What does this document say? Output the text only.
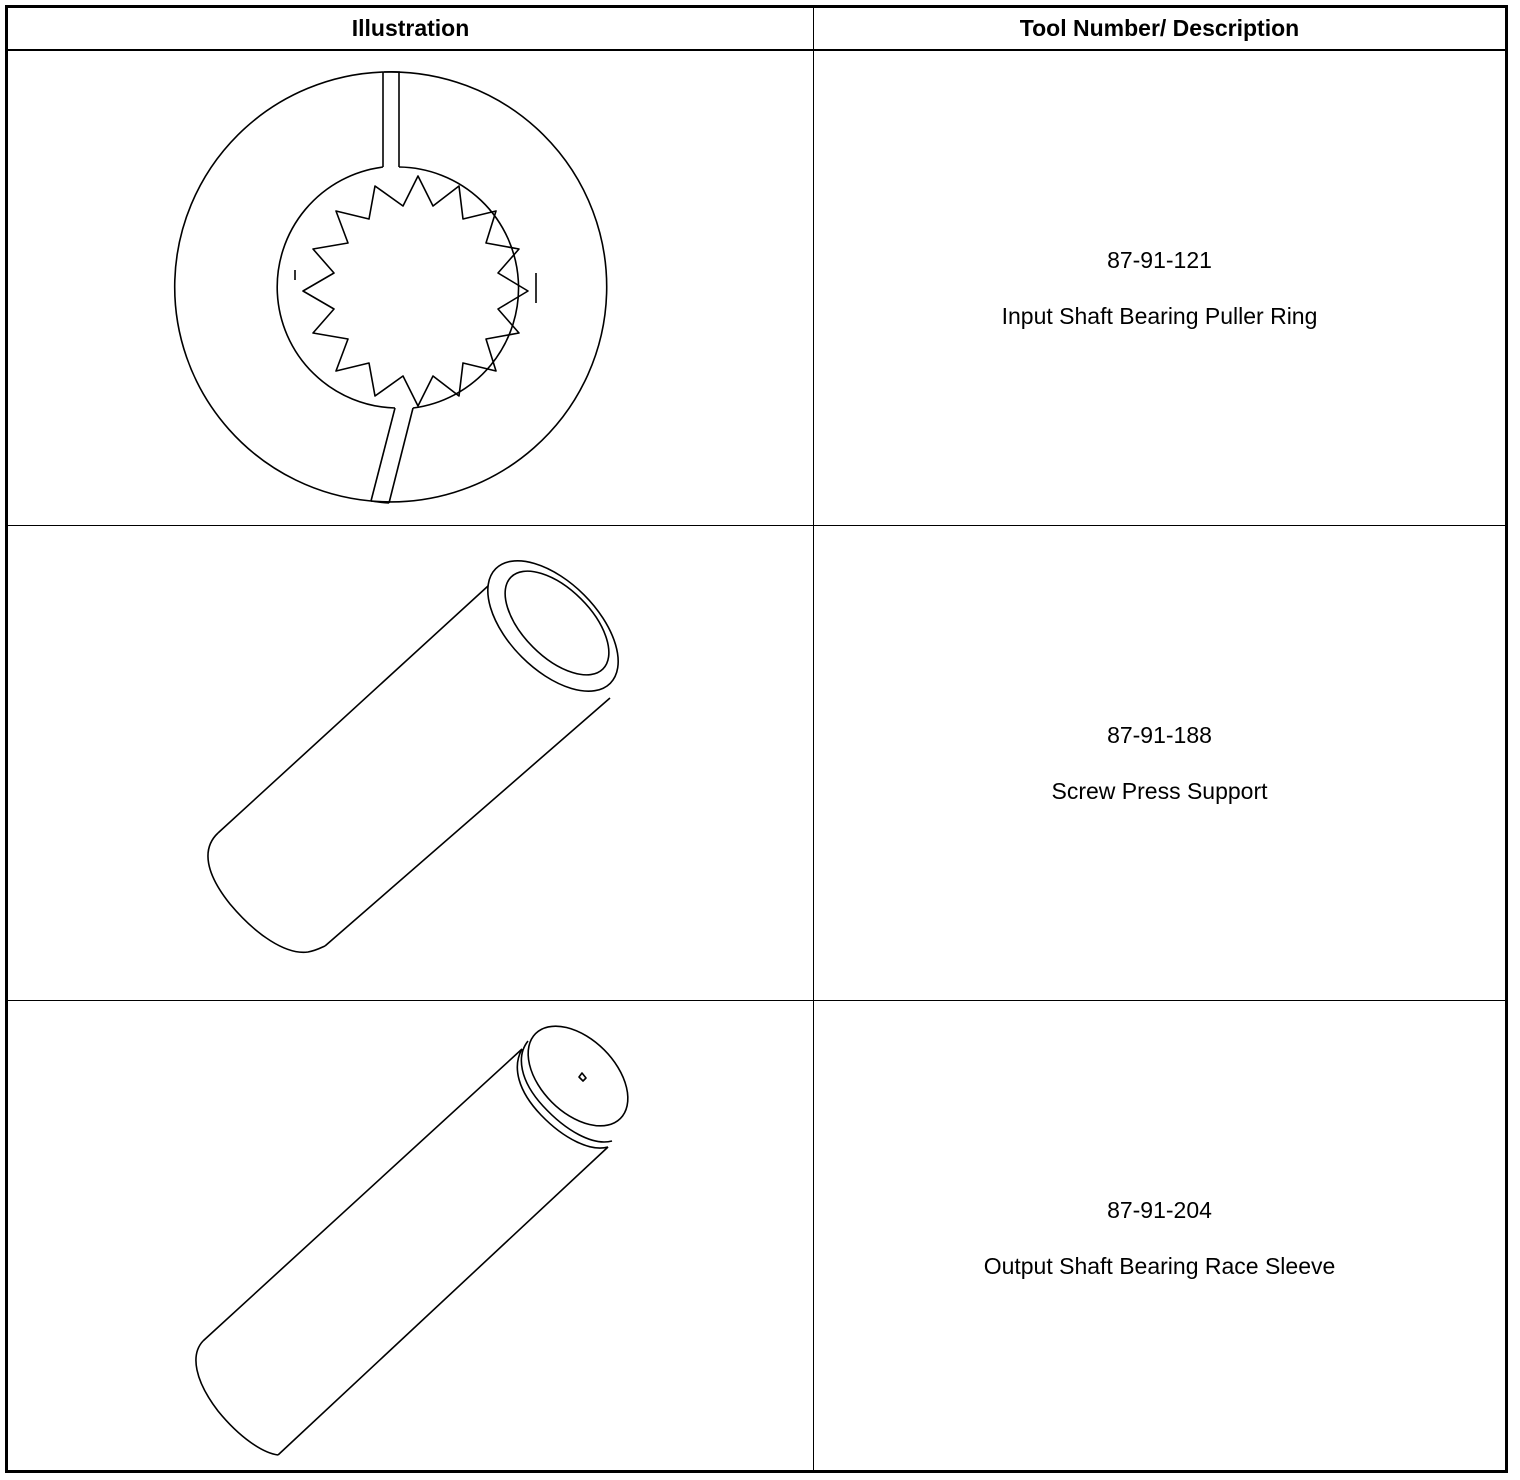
Illustration	Tool Number/ Description
87-91-121
Input Shaft Bearing Puller Ring
87-91-188
Screw Press Support
87-91-204
Output Shaft Bearing Race Sleeve
